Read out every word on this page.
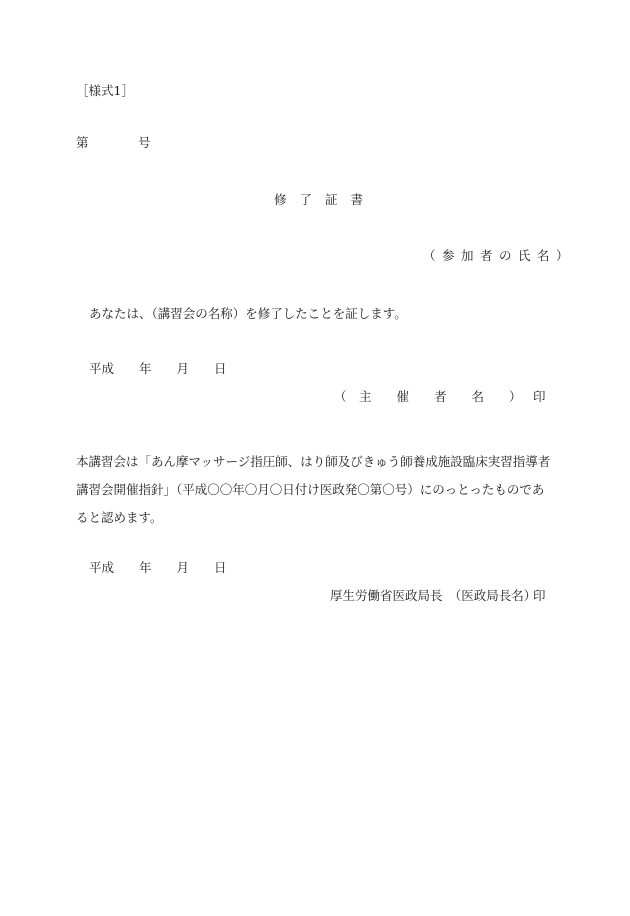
［様式1］
第	号
修了証書
（参加者の氏名）
あなたは、（講習会の名称）を修了したことを証します。
平成　　年　　月　　日
（　主　　催　　者　　名　　） 印
本講習会は「あん摩マッサージ指圧師、はり師及びきゅう師養成施設臨床実習指導者講習会開催指針」（平成〇〇年〇月〇日付け医政発〇第〇号）にのっとったものであると認めます。
平成　　年　　月　　日
厚生労働省医政局長　（医政局長名）
印
